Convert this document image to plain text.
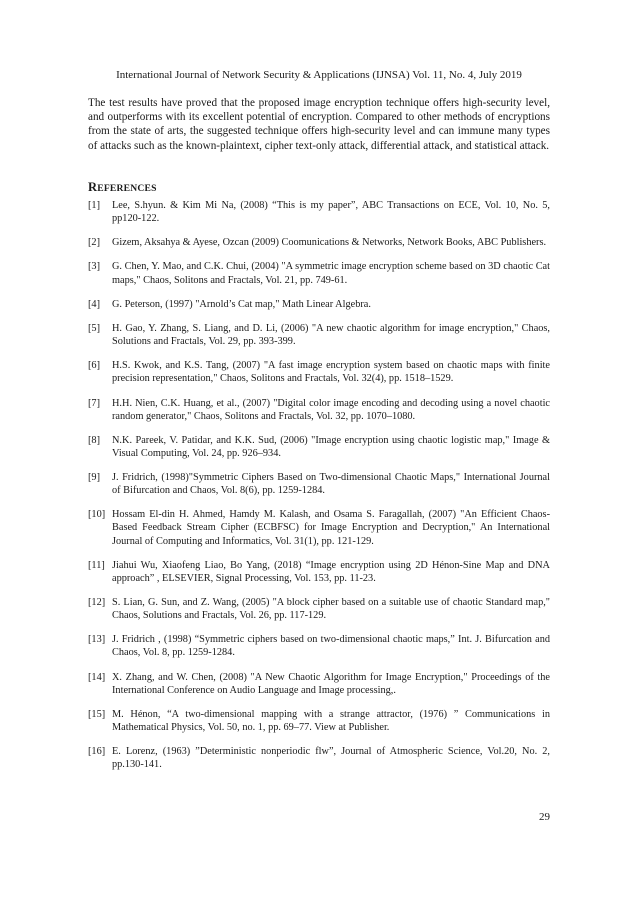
International Journal of Network Security & Applications (IJNSA) Vol. 11, No. 4, July 2019

The test results have proved that the proposed image encryption technique offers high-security level, and outperforms with its excellent potential of encryption. Compared to other methods of encryptions from the state of arts, the suggested technique offers high-security level and can immune many types of attacks such as the known-plaintext, cipher text-only attack, differential attack, and statistical attack.

REFERENCES
[1] Lee, S.hyun. & Kim Mi Na, (2008) “This is my paper”, ABC Transactions on ECE, Vol. 10, No. 5, pp120-122.
[2] Gizem, Aksahya & Ayese, Ozcan (2009) Coomunications & Networks, Network Books, ABC Publishers.
[3] G. Chen, Y. Mao, and C.K. Chui, (2004) "A symmetric image encryption scheme based on 3D chaotic Cat maps," Chaos, Solitons and Fractals, Vol. 21, pp. 749-61.
[4] G. Peterson, (1997) "Arnold’s Cat map," Math Linear Algebra.
[5] H. Gao, Y. Zhang, S. Liang, and D. Li, (2006) "A new chaotic algorithm for image encryption," Chaos, Solutions and Fractals, Vol. 29, pp. 393-399.
[6] H.S. Kwok, and K.S. Tang, (2007) "A fast image encryption system based on chaotic maps with finite precision representation," Chaos, Solitons and Fractals, Vol. 32(4), pp. 1518–1529.
[7] H.H. Nien, C.K. Huang, et al., (2007) "Digital color image encoding and decoding using a novel chaotic random generator," Chaos, Solitons and Fractals, Vol. 32, pp. 1070–1080.
[8] N.K. Pareek, V. Patidar, and K.K. Sud, (2006) "Image encryption using chaotic logistic map," Image & Visual Computing, Vol. 24, pp. 926–934.
[9] J. Fridrich, (1998)"Symmetric Ciphers Based on Two-dimensional Chaotic Maps," International Journal of Bifurcation and Chaos, Vol. 8(6), pp. 1259-1284.
[10] Hossam El-din H. Ahmed, Hamdy M. Kalash, and Osama S. Faragallah, (2007) "An Efficient Chaos-Based Feedback Stream Cipher (ECBFSC) for Image Encryption and Decryption," An International Journal of Computing and Informatics, Vol. 31(1), pp. 121-129.
[11] Jiahui Wu, Xiaofeng Liao, Bo Yang, (2018) “Image encryption using 2D Hénon-Sine Map and DNA approach” , ELSEVIER, Signal Processing, Vol. 153, pp. 11-23.
[12] S. Lian, G. Sun, and Z. Wang, (2005) "A block cipher based on a suitable use of chaotic Standard map," Chaos, Solutions and Fractals, Vol. 26, pp. 117-129.
[13] J. Fridrich , (1998) “Symmetric ciphers based on two-dimensional chaotic maps,” Int. J. Bifurcation and Chaos, Vol. 8, pp. 1259-1284.
[14] X. Zhang, and W. Chen, (2008) "A New Chaotic Algorithm for Image Encryption," Proceedings of the International Conference on Audio Language and Image processing,.
[15] M. Hénon, “A two-dimensional mapping with a strange attractor, (1976) ” Communications in Mathematical Physics, Vol. 50, no. 1, pp. 69–77. View at Publisher.
[16] E. Lorenz, (1963) ”Deterministic nonperiodic flw”, Journal of Atmospheric Science, Vol.20, No. 2, pp.130-141.
29
